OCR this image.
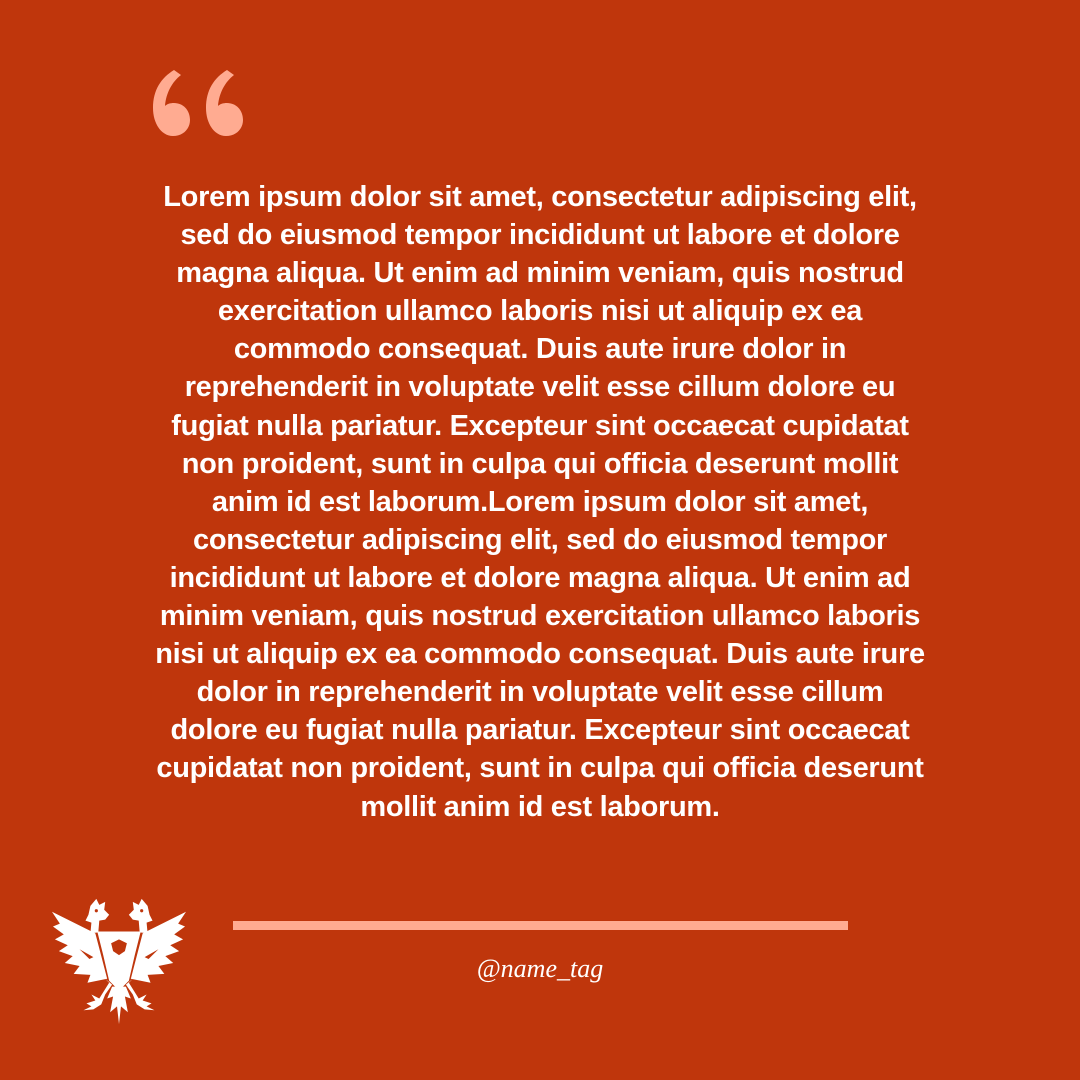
Lorem ipsum dolor sit amet, consectetur adipiscing elit, sed do eiusmod tempor incididunt ut labore et dolore magna aliqua. Ut enim ad minim veniam, quis nostrud exercitation ullamco laboris nisi ut aliquip ex ea commodo consequat. Duis aute irure dolor in reprehenderit in voluptate velit esse cillum dolore eu fugiat nulla pariatur. Excepteur sint occaecat cupidatat non proident, sunt in culpa qui officia deserunt mollit anim id est laborum.Lorem ipsum dolor sit amet, consectetur adipiscing elit, sed do eiusmod tempor incididunt ut labore et dolore magna aliqua. Ut enim ad minim veniam, quis nostrud exercitation ullamco laboris nisi ut aliquip ex ea commodo consequat. Duis aute irure dolor in reprehenderit in voluptate velit esse cillum dolore eu fugiat nulla pariatur. Excepteur sint occaecat cupidatat non proident, sunt in culpa qui officia deserunt mollit anim id est laborum.

@name_tag
